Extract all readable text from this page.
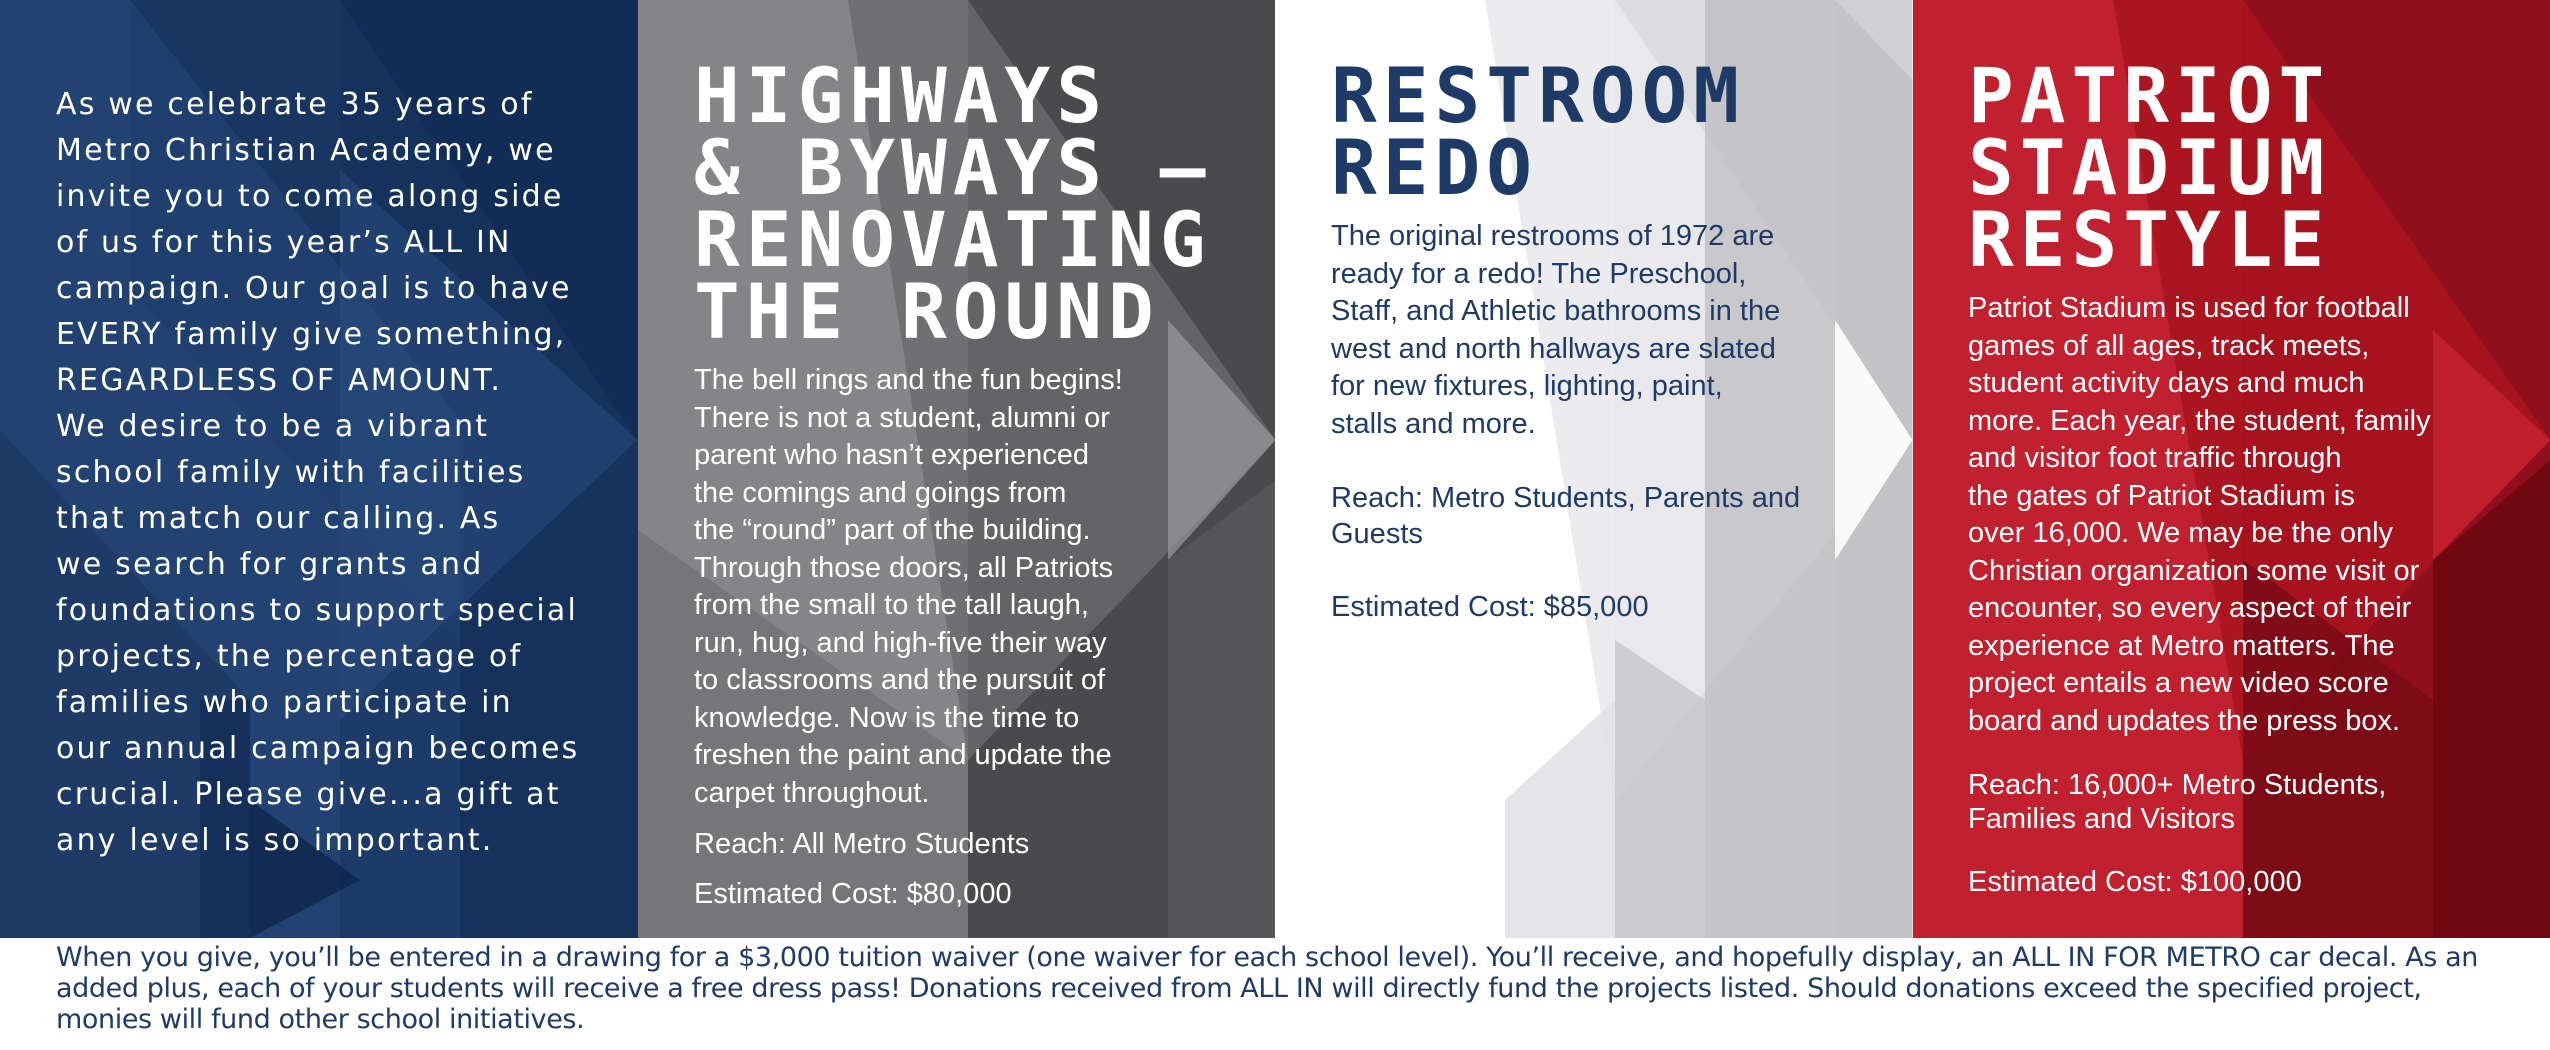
As we celebrate 35 years of
Metro Christian Academy, we
invite you to come along side
of us for this year’s ALL IN
campaign. Our goal is to have
EVERY family give something,
REGARDLESS OF AMOUNT.
We desire to be a vibrant
school family with facilities
that match our calling. As
we search for grants and
foundations to support special
projects, the percentage of
families who participate in
our annual campaign becomes
crucial. Please give...a gift at
any level is so important.

HIGHWAYS
& BYWAYS –
RENOVATING
THE ROUND

The bell rings and the fun begins!
There is not a student, alumni or
parent who hasn’t experienced
the comings and goings from
the “round” part of the building.
Through those doors, all Patriots
from the small to the tall laugh,
run, hug, and high-five their way
to classrooms and the pursuit of
knowledge. Now is the time to
freshen the paint and update the
carpet throughout.

Reach: All Metro Students

Estimated Cost: $80,000

RESTROOM
REDO

The original restrooms of 1972 are
ready for a redo! The Preschool,
Staff, and Athletic bathrooms in the
west and north hallways are slated
for new fixtures, lighting, paint,
stalls and more.

Reach: Metro Students, Parents and
Guests

Estimated Cost: $85,000

PATRIOT
STADIUM
RESTYLE

Patriot Stadium is used for football
games of all ages, track meets,
student activity days and much
more. Each year, the student, family
and visitor foot traffic through
the gates of Patriot Stadium is
over 16,000. We may be the only
Christian organization some visit or
encounter, so every aspect of their
experience at Metro matters. The
project entails a new video score
board and updates the press box.

Reach: 16,000+ Metro Students,
Families and Visitors

Estimated Cost: $100,000

When you give, you’ll be entered in a drawing for a $3,000 tuition waiver (one waiver for each school level). You’ll receive, and hopefully display, an ALL IN FOR METRO car decal. As an added plus, each of your students will receive a free dress pass! Donations received from ALL IN will directly fund the projects listed. Should donations exceed the specified project, monies will fund other school initiatives.
